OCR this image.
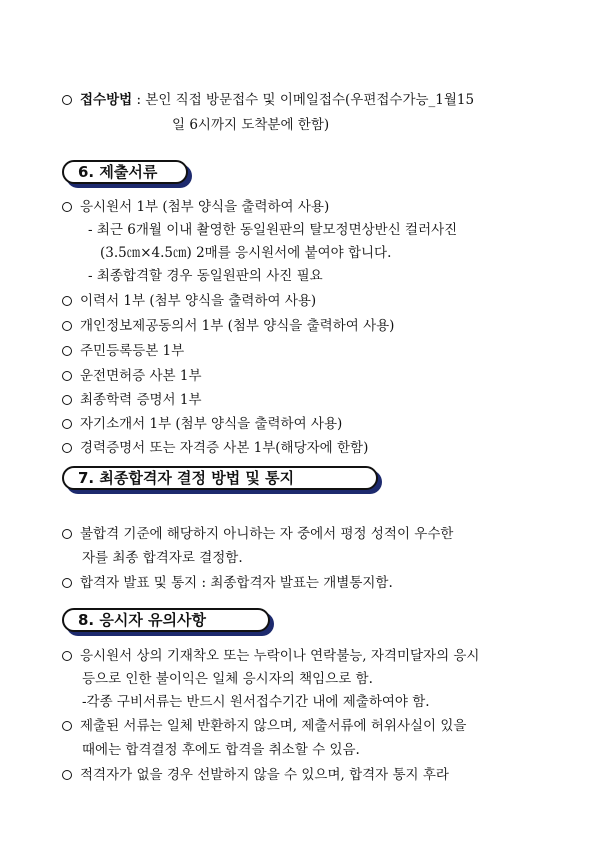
접수방법 : 본인 직접 방문접수 및 이메일접수(우편접수가능_1월15
일 6시까지 도착분에 한함)
6. 제출서류
응시원서 1부 (첨부 양식을 출력하여 사용)
- 최근 6개월 이내 촬영한 동일원판의 탈모정면상반신 컬러사진
(3.5㎝×4.5㎝) 2매를 응시원서에 붙여야 합니다.
- 최종합격할 경우 동일원판의 사진 필요
이력서 1부 (첨부 양식을 출력하여 사용)
개인정보제공동의서 1부 (첨부 양식을 출력하여 사용)
주민등록등본 1부
운전면허증 사본 1부
최종학력 증명서 1부
자기소개서 1부 (첨부 양식을 출력하여 사용)
경력증명서 또는 자격증 사본 1부(해당자에 한함)
7. 최종합격자 결정 방법 및 통지
불합격 기준에 해당하지 아니하는 자 중에서 평정 성적이 우수한
자를 최종 합격자로 결정함.
합격자 발표 및 통지 : 최종합격자 발표는 개별통지함.
8. 응시자 유의사항
응시원서 상의 기재착오 또는 누락이나 연락불능, 자격미달자의 응시
등으로 인한 불이익은 일체 응시자의 책임으로 함.
-각종 구비서류는 반드시 원서접수기간 내에 제출하여야 함.
제출된 서류는 일체 반환하지 않으며, 제출서류에 허위사실이 있을
때에는 합격결정 후에도 합격을 취소할 수 있음.
적격자가 없을 경우 선발하지 않을 수 있으며, 합격자 통지 후라
